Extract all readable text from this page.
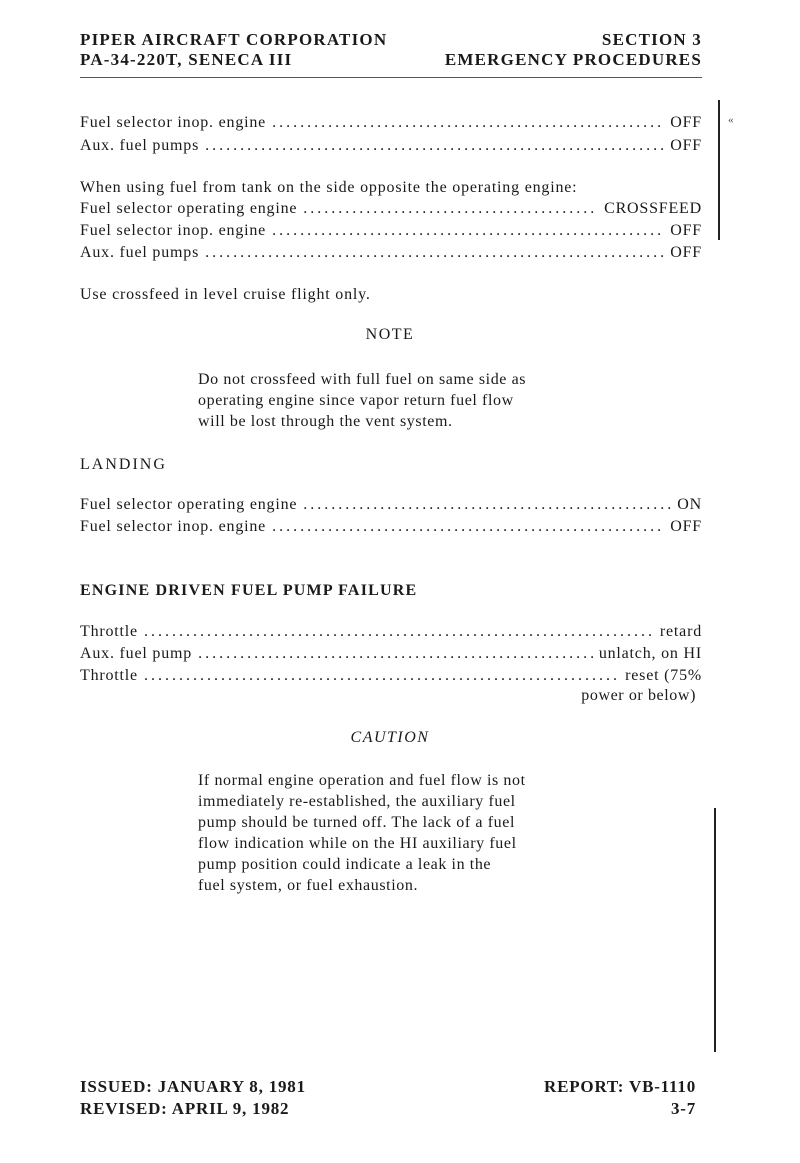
PIPER AIRCRAFT CORPORATION
PA-34-220T, SENECA III
SECTION 3
EMERGENCY PROCEDURES
«
Fuel selector inop. engine .....	OFF
Aux. fuel pumps .....	OFF
When using fuel from tank on the side opposite the operating engine:
Fuel selector operating engine .....	CROSSFEED
Fuel selector inop. engine .....	OFF
Aux. fuel pumps .....	OFF
Use crossfeed in level cruise flight only.
NOTE
Do not crossfeed with full fuel on same side as
operating engine since vapor return fuel flow
will be lost through the vent system.
LANDING
Fuel selector operating engine .....	ON
Fuel selector inop. engine .....	OFF
ENGINE DRIVEN FUEL PUMP FAILURE
Throttle .....	retard
Aux. fuel pump .....	unlatch, on HI
Throttle .....	reset (75%
power or below)
CAUTION
If normal engine operation and fuel flow is not
immediately re-established, the auxiliary fuel
pump should be turned off. The lack of a fuel
flow indication while on the HI auxiliary fuel
pump position could indicate a leak in the
fuel system, or fuel exhaustion.
ISSUED: JANUARY 8, 1981
REVISED: APRIL 9, 1982
REPORT: VB-1110
3-7
